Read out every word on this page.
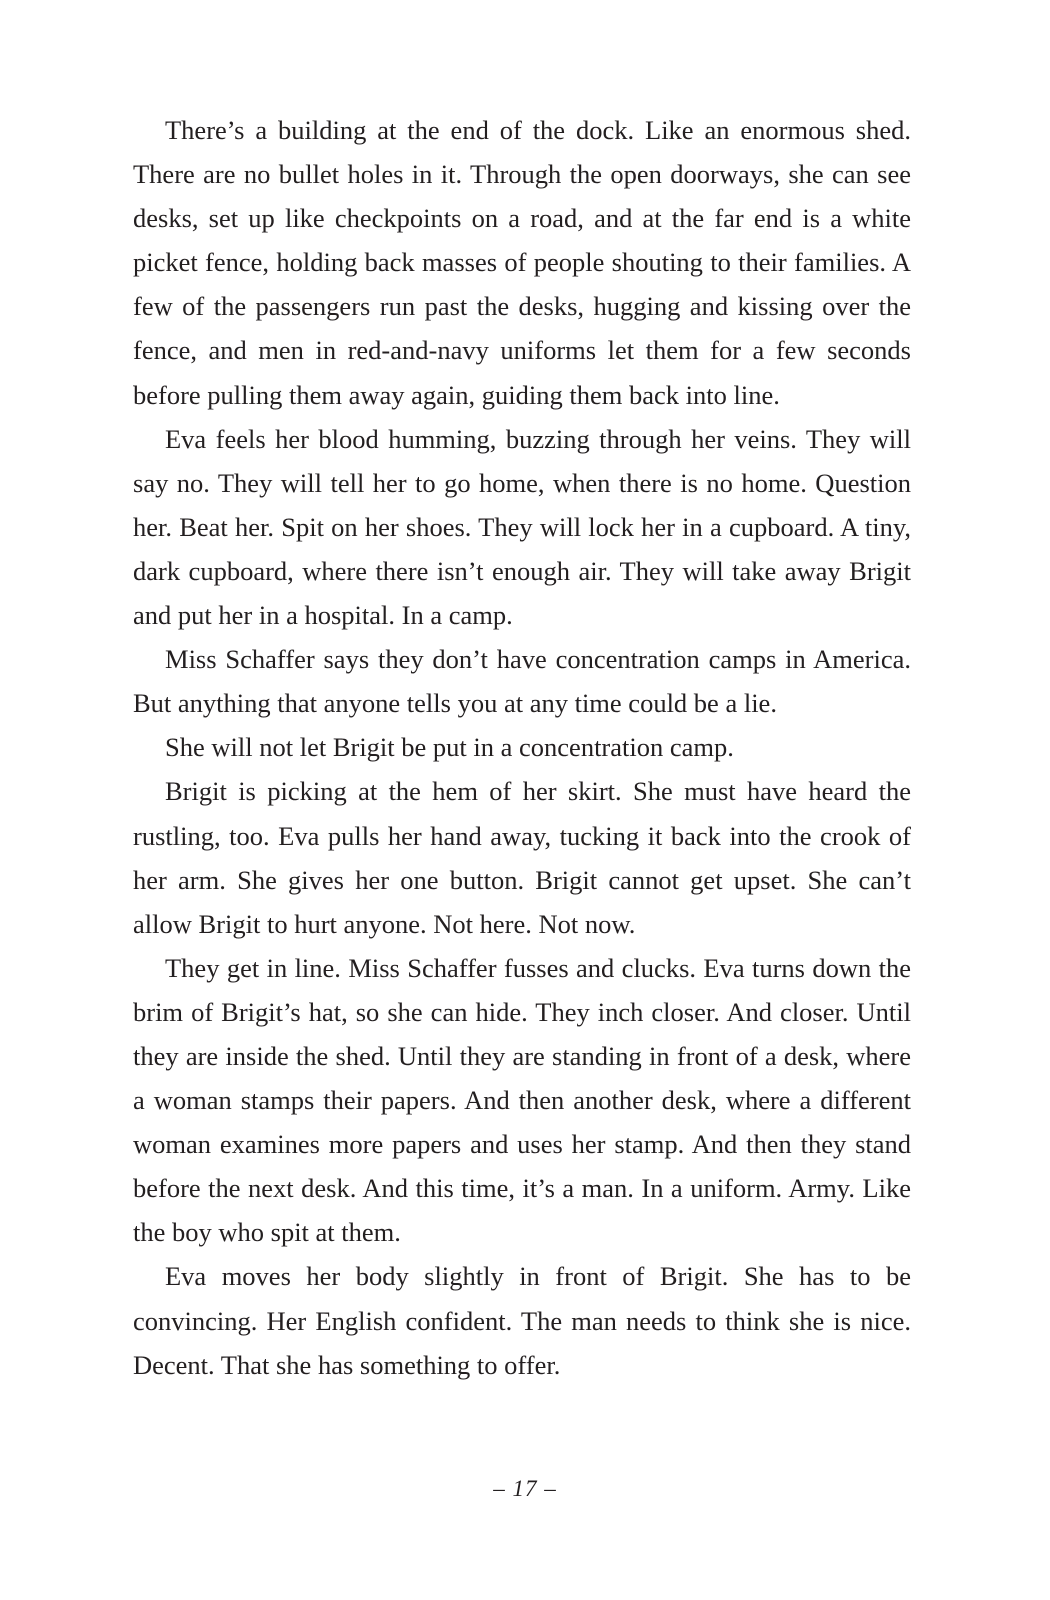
There’s a building at the end of the dock. Like an enormous shed. There are no bullet holes in it. Through the open doorways, she can see desks, set up like checkpoints on a road, and at the far end is a white picket fence, holding back masses of people shouting to their families. A few of the passengers run past the desks, hugging and kissing over the fence, and men in red-and-navy uniforms let them for a few seconds before pulling them away again, guiding them back into line.

Eva feels her blood humming, buzzing through her veins. They will say no. They will tell her to go home, when there is no home. Question her. Beat her. Spit on her shoes. They will lock her in a cupboard. A tiny, dark cupboard, where there isn’t enough air. They will take away Brigit and put her in a hospital. In a camp.

Miss Schaffer says they don’t have concentration camps in America. But anything that anyone tells you at any time could be a lie.

She will not let Brigit be put in a concentration camp.

Brigit is picking at the hem of her skirt. She must have heard the rustling, too. Eva pulls her hand away, tucking it back into the crook of her arm. She gives her one button. Brigit cannot get upset. She can’t allow Brigit to hurt anyone. Not here. Not now.

They get in line. Miss Schaffer fusses and clucks. Eva turns down the brim of Brigit’s hat, so she can hide. They inch closer. And closer. Until they are inside the shed. Until they are standing in front of a desk, where a woman stamps their papers. And then another desk, where a different woman examines more papers and uses her stamp. And then they stand before the next desk. And this time, it’s a man. In a uniform. Army. Like the boy who spit at them.

Eva moves her body slightly in front of Brigit. She has to be convincing. Her English confident. The man needs to think she is nice. Decent. That she has something to offer.

– 17 –
